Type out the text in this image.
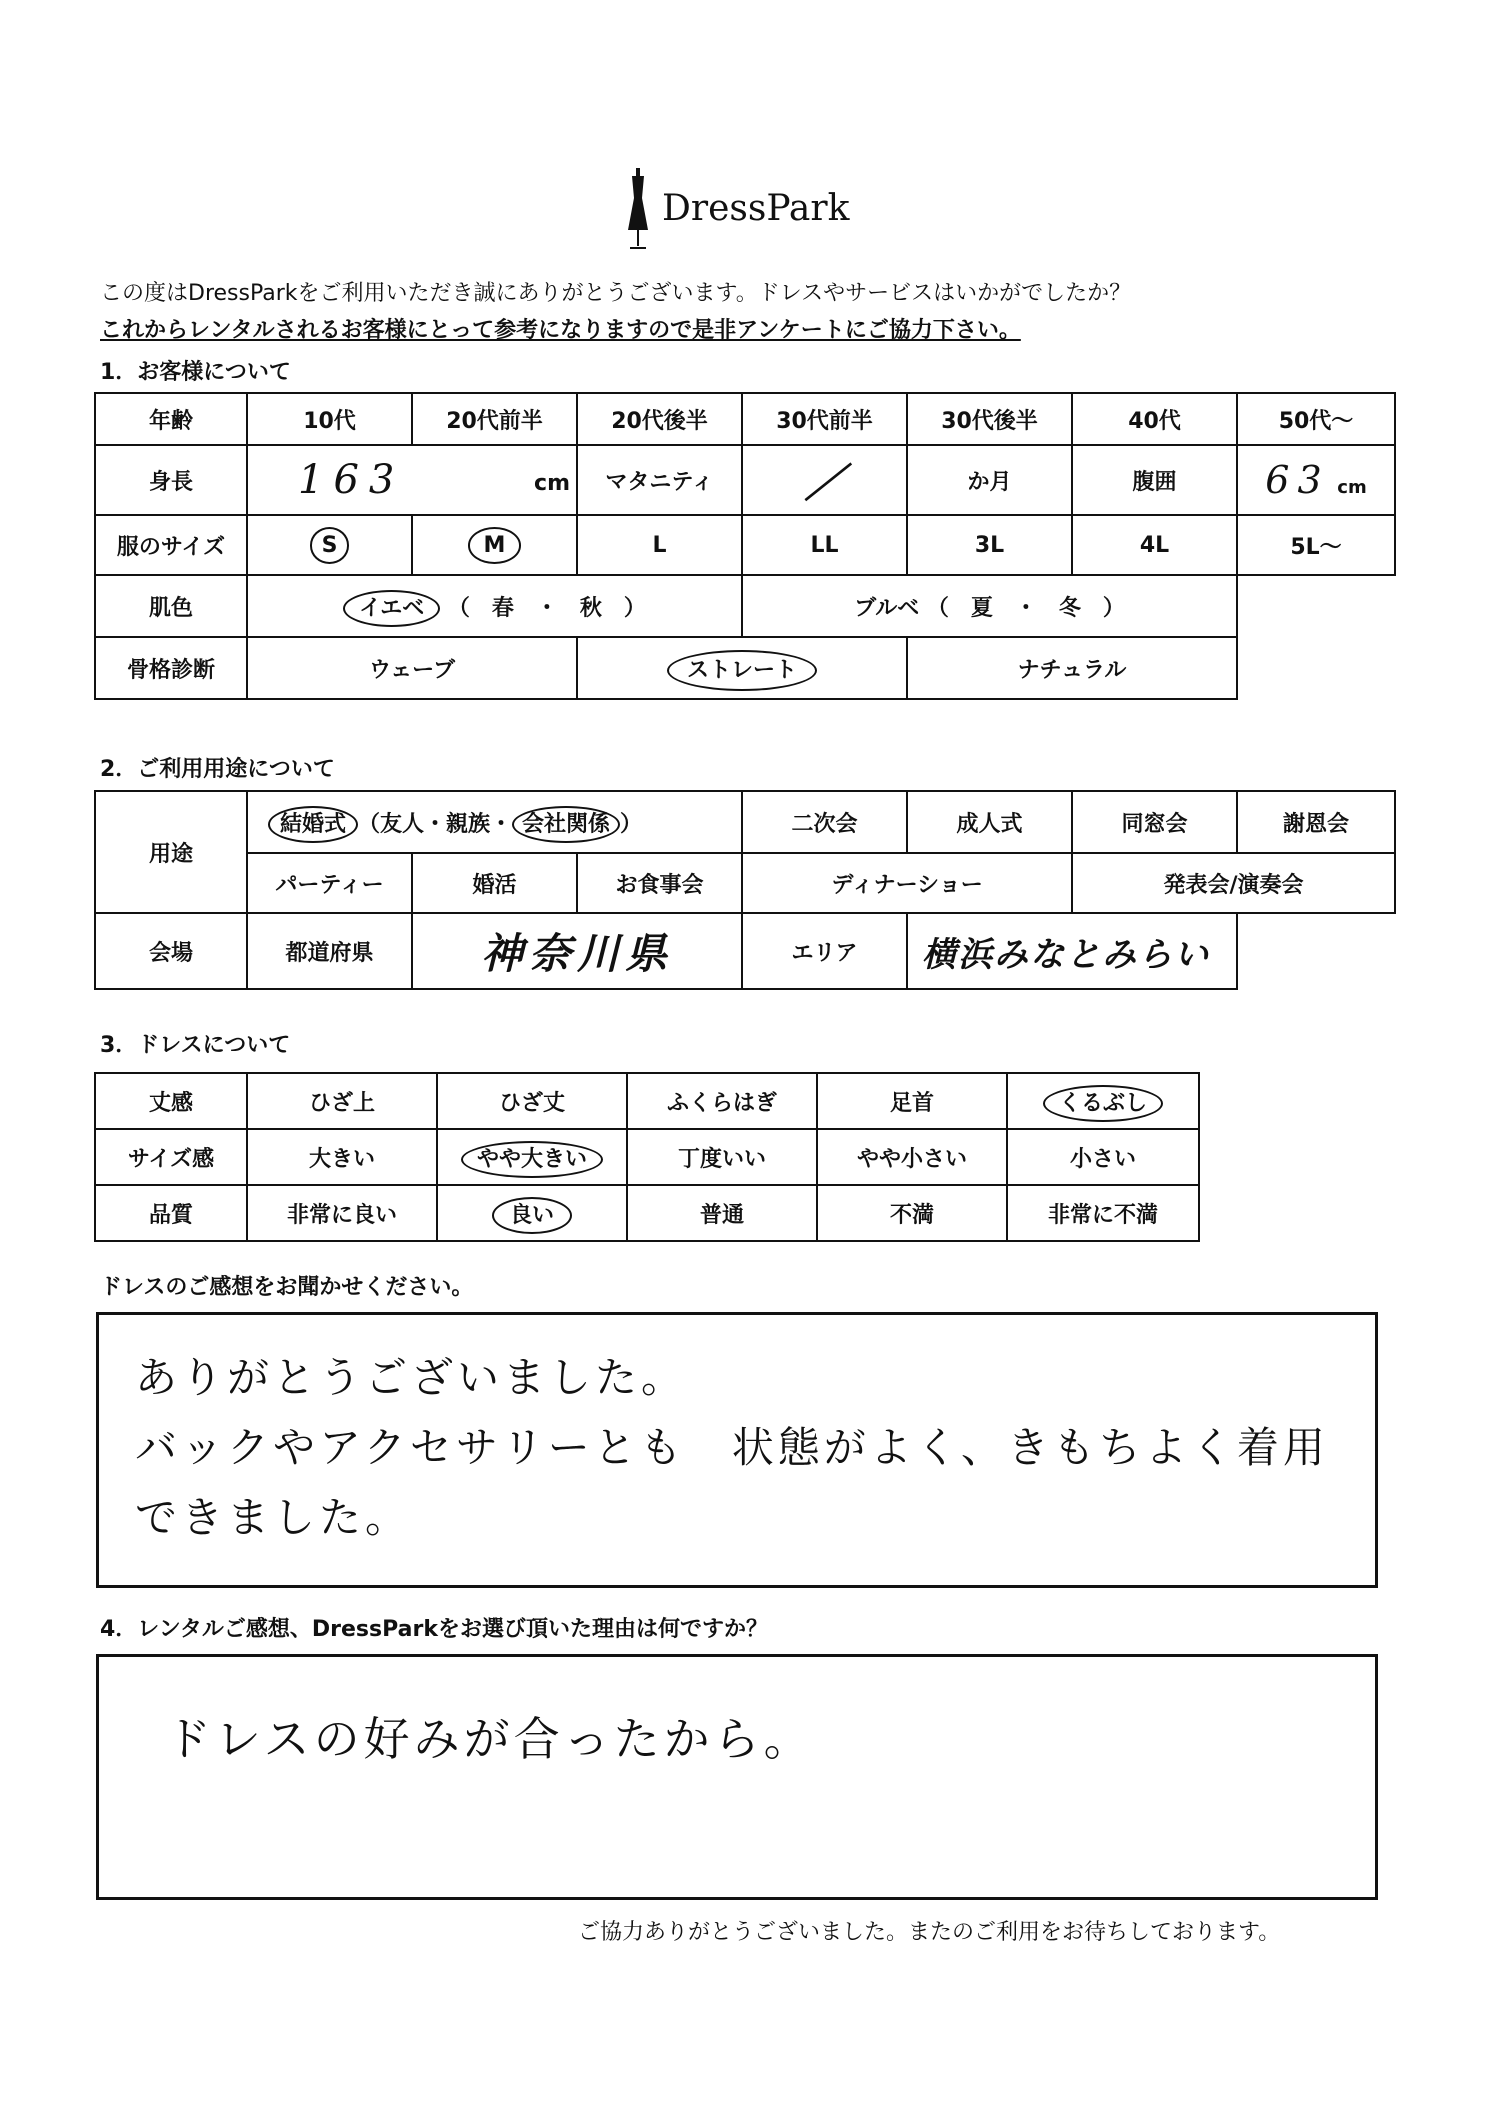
DressPark
この度はDressParkをご利用いただき誠にありがとうございます。ドレスやサービスはいかがでしたか？
これからレンタルされるお客様にとって参考になりますので是非アンケートにご協力下さい。
1．お客様について
年齢	10代	20代前半	20代後半	30代前半	30代後半	40代	50代～
身長	163 cm		マタニティ	／	か月	腹囲	63 cm
服のサイズ	S	M	L	LL	3L	4L	5L～
肌色	イエベ （　春　・　秋　）			ブルベ （　夏　・　冬　）			
骨格診断	ウェーブ		ストレート		ナチュラル		
2．ご利用用途について
用途	結婚式 （友人・親族・ 会社関係 ）			二次会	成人式	同窓会	謝恩会
	パーティー	婚活	お食事会	ディナーショー		発表会/演奏会	
会場	都道府県	神奈川県		エリア	横浜みなとみらい		
3．ドレスについて
丈感	ひざ上	ひざ丈	ふくらはぎ	足首	くるぶし
サイズ感	大きい	やや大きい	丁度いい	やや小さい	小さい
品質	非常に良い	良い	普通	不満	非常に不満
ドレスのご感想をお聞かせください。
ありがとうございました。
バックやアクセサリーとも　状態がよく、きもちよく着用
できました。
4．レンタルご感想、DressParkをお選び頂いた理由は何ですか？
ドレスの好みが合ったから。
ご協力ありがとうございました。またのご利用をお待ちしております。
